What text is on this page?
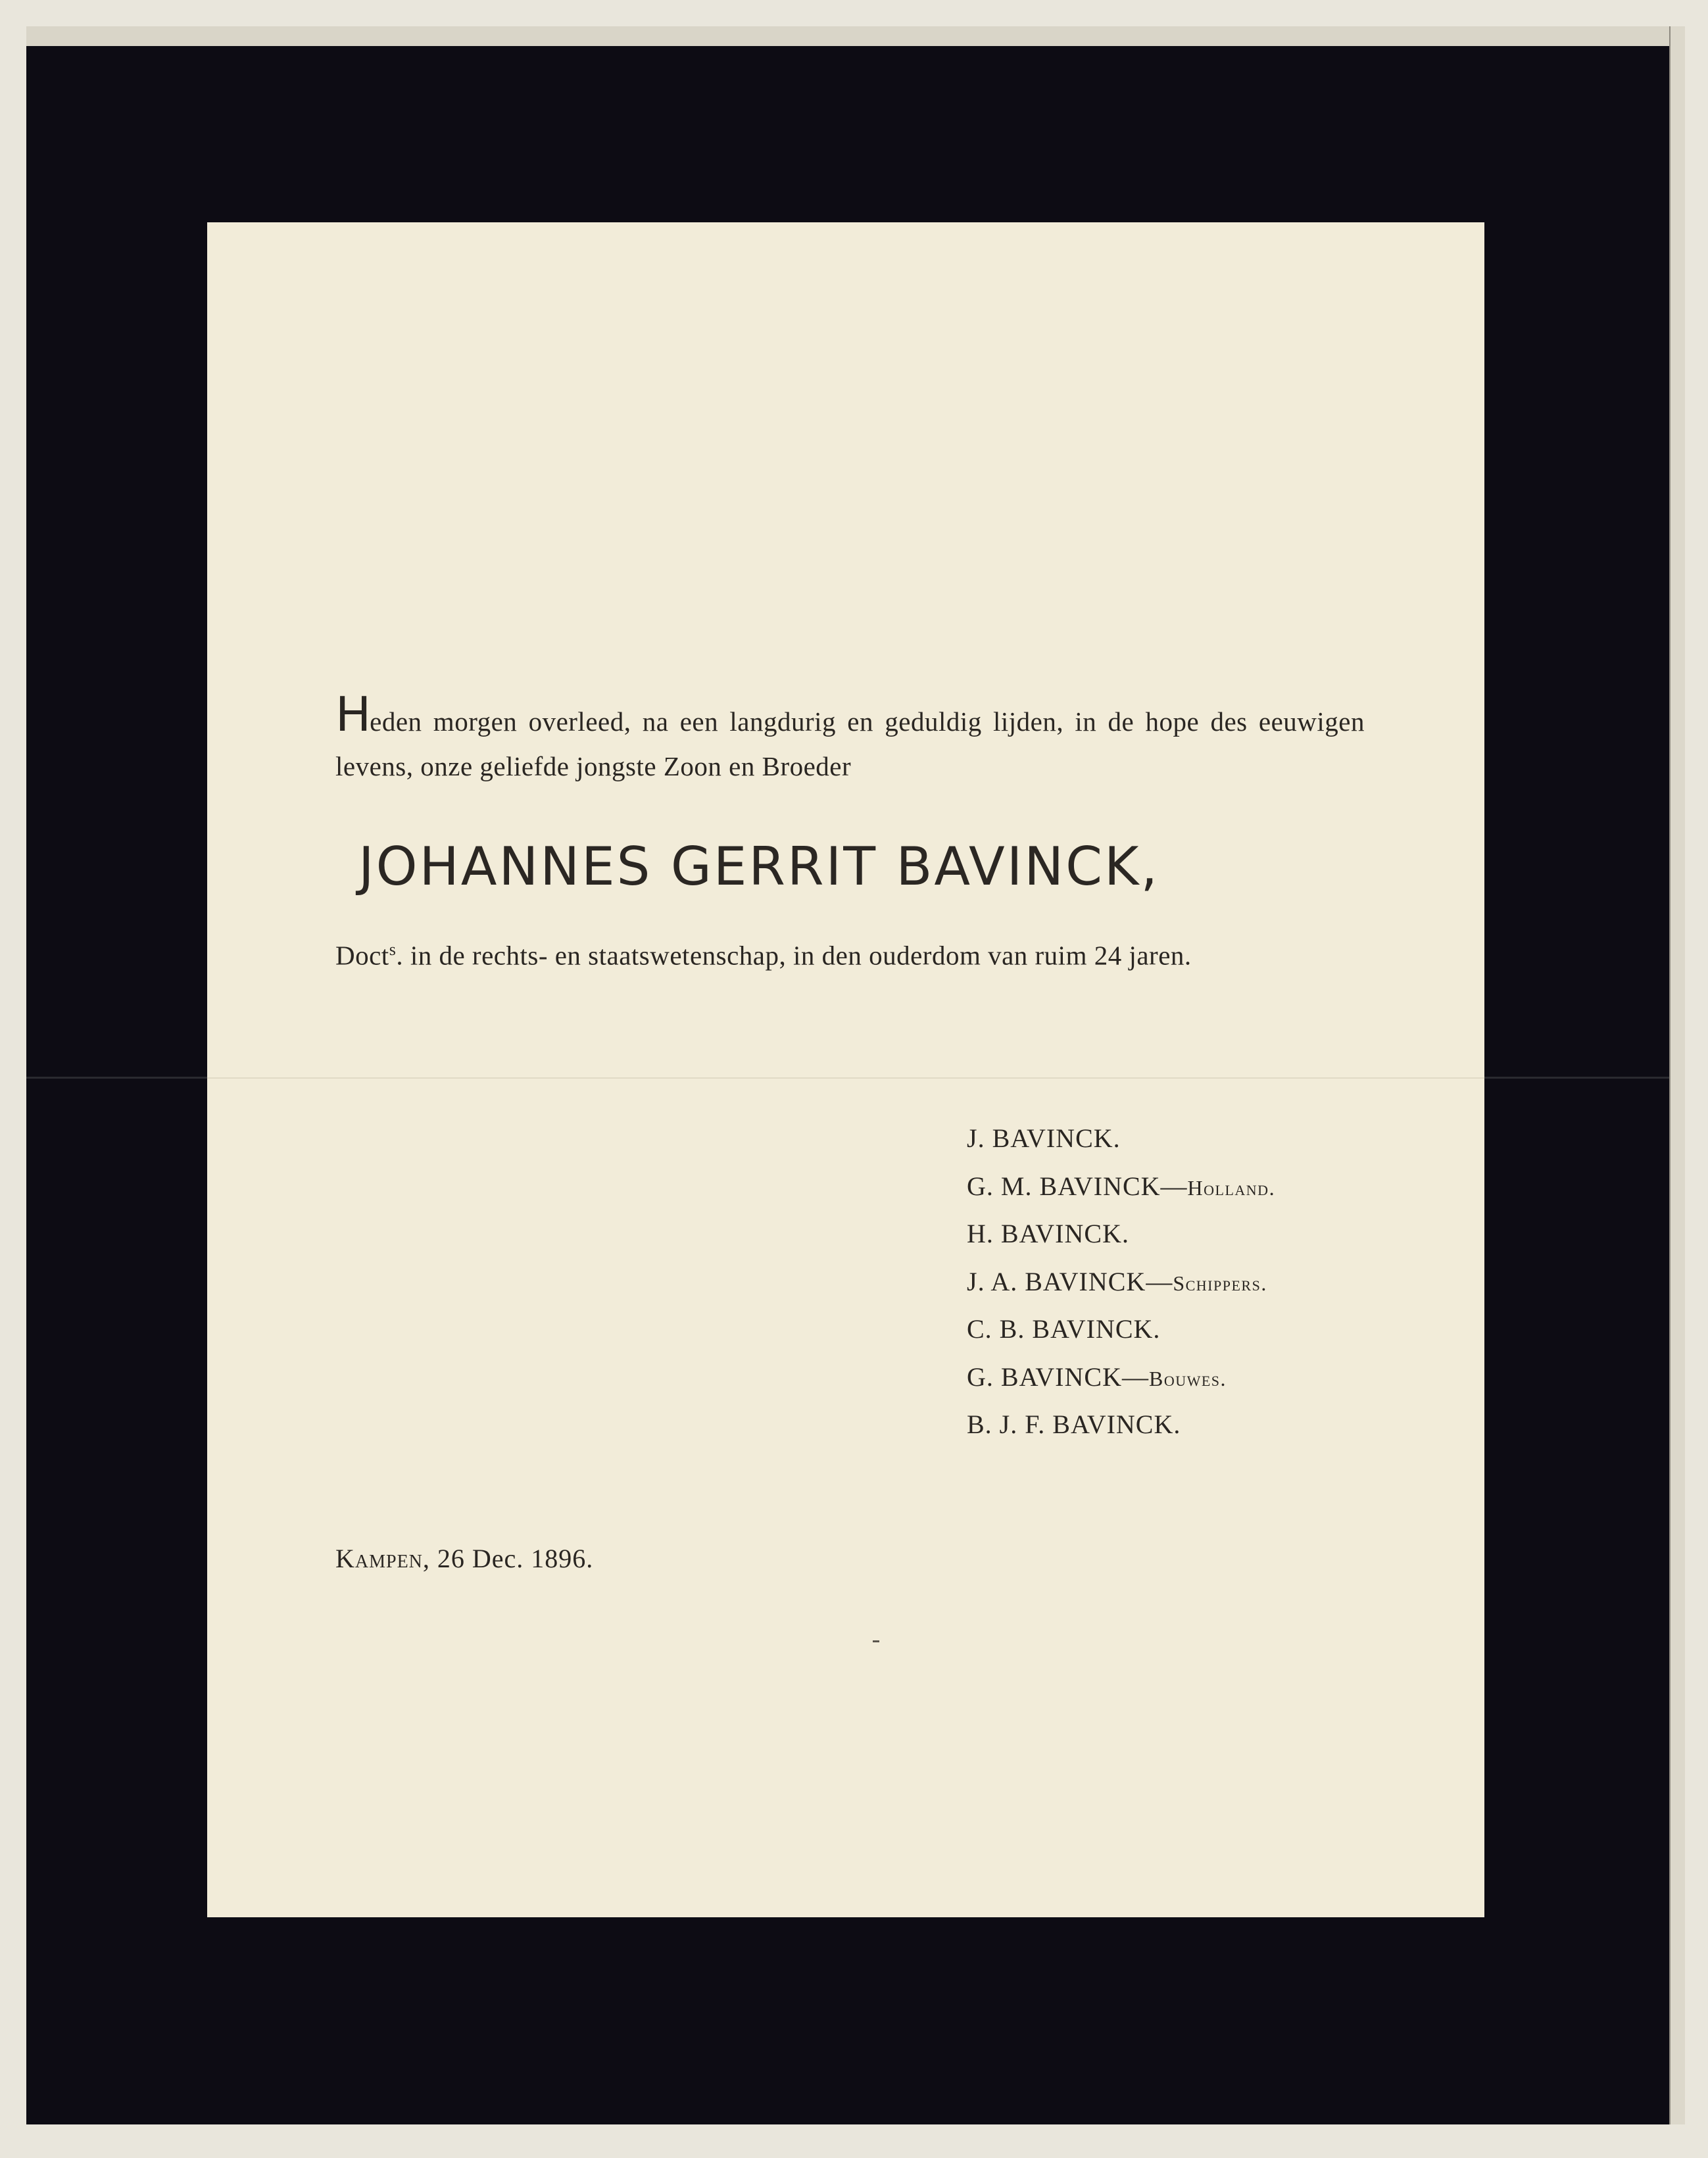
Heden morgen overleed, na een langdurig en geduldig lijden, in de hope des eeuwigen levens, onze geliefde jongste Zoon en Broeder
JOHANNES GERRIT BAVINCK,
Doct$^s$. in de rechts- en staatswetenschap, in den ouderdom van ruim 24 jaren.
J. BAVINCK.
G. M. BAVINCK—Holland.
H. BAVINCK.
J. A. BAVINCK—Schippers.
C. B. BAVINCK.
G. BAVINCK—Bouwes.
B. J. F. BAVINCK.
Kampen, 26 Dec. 1896.
